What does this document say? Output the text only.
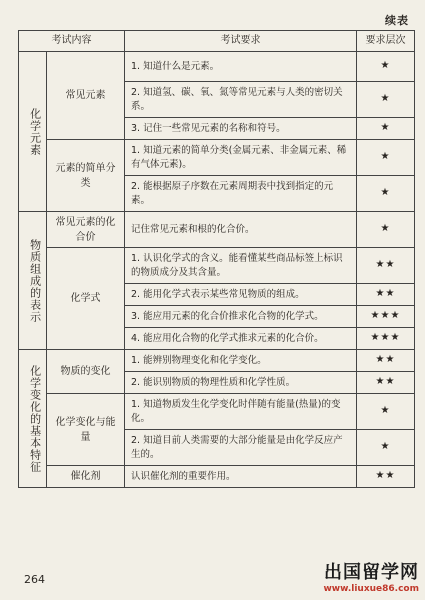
续表
考试内容		考试要求	要求层次

化学元素	常见元素	1. 知道什么是元素。	★
		2. 知道氢、碳、氧、氮等常见元素与人类的密切关系。	★
		3. 记住一些常见元素的名称和符号。	★
	元素的简单分类	1. 知道元素的简单分类(金属元素、非金属元素、稀有气体元素)。	★
		2. 能根据原子序数在元素周期表中找到指定的元素。	★

物质组成的表示	常见元素的化合价	记住常见元素和根的化合价。	★
	化学式	1. 认识化学式的含义。能看懂某些商品标签上标识的物质成分及其含量。	★★
		2. 能用化学式表示某些常见物质的组成。	★★
		3. 能应用元素的化合价推求化合物的化学式。	★★★
		4. 能应用化合物的化学式推求元素的化合价。	★★★

化学变化的基本特征	物质的变化	1. 能辨别物理变化和化学变化。	★★
		2. 能识别物质的物理性质和化学性质。	★★
	化学变化与能量	1. 知道物质发生化学变化时伴随有能量(热量)的变化。	★
		2. 知道目前人类需要的大部分能量是由化学反应产生的。	★
	催化剂	认识催化剂的重要作用。	★★
264	出国留学网
www.liuxue86.com
